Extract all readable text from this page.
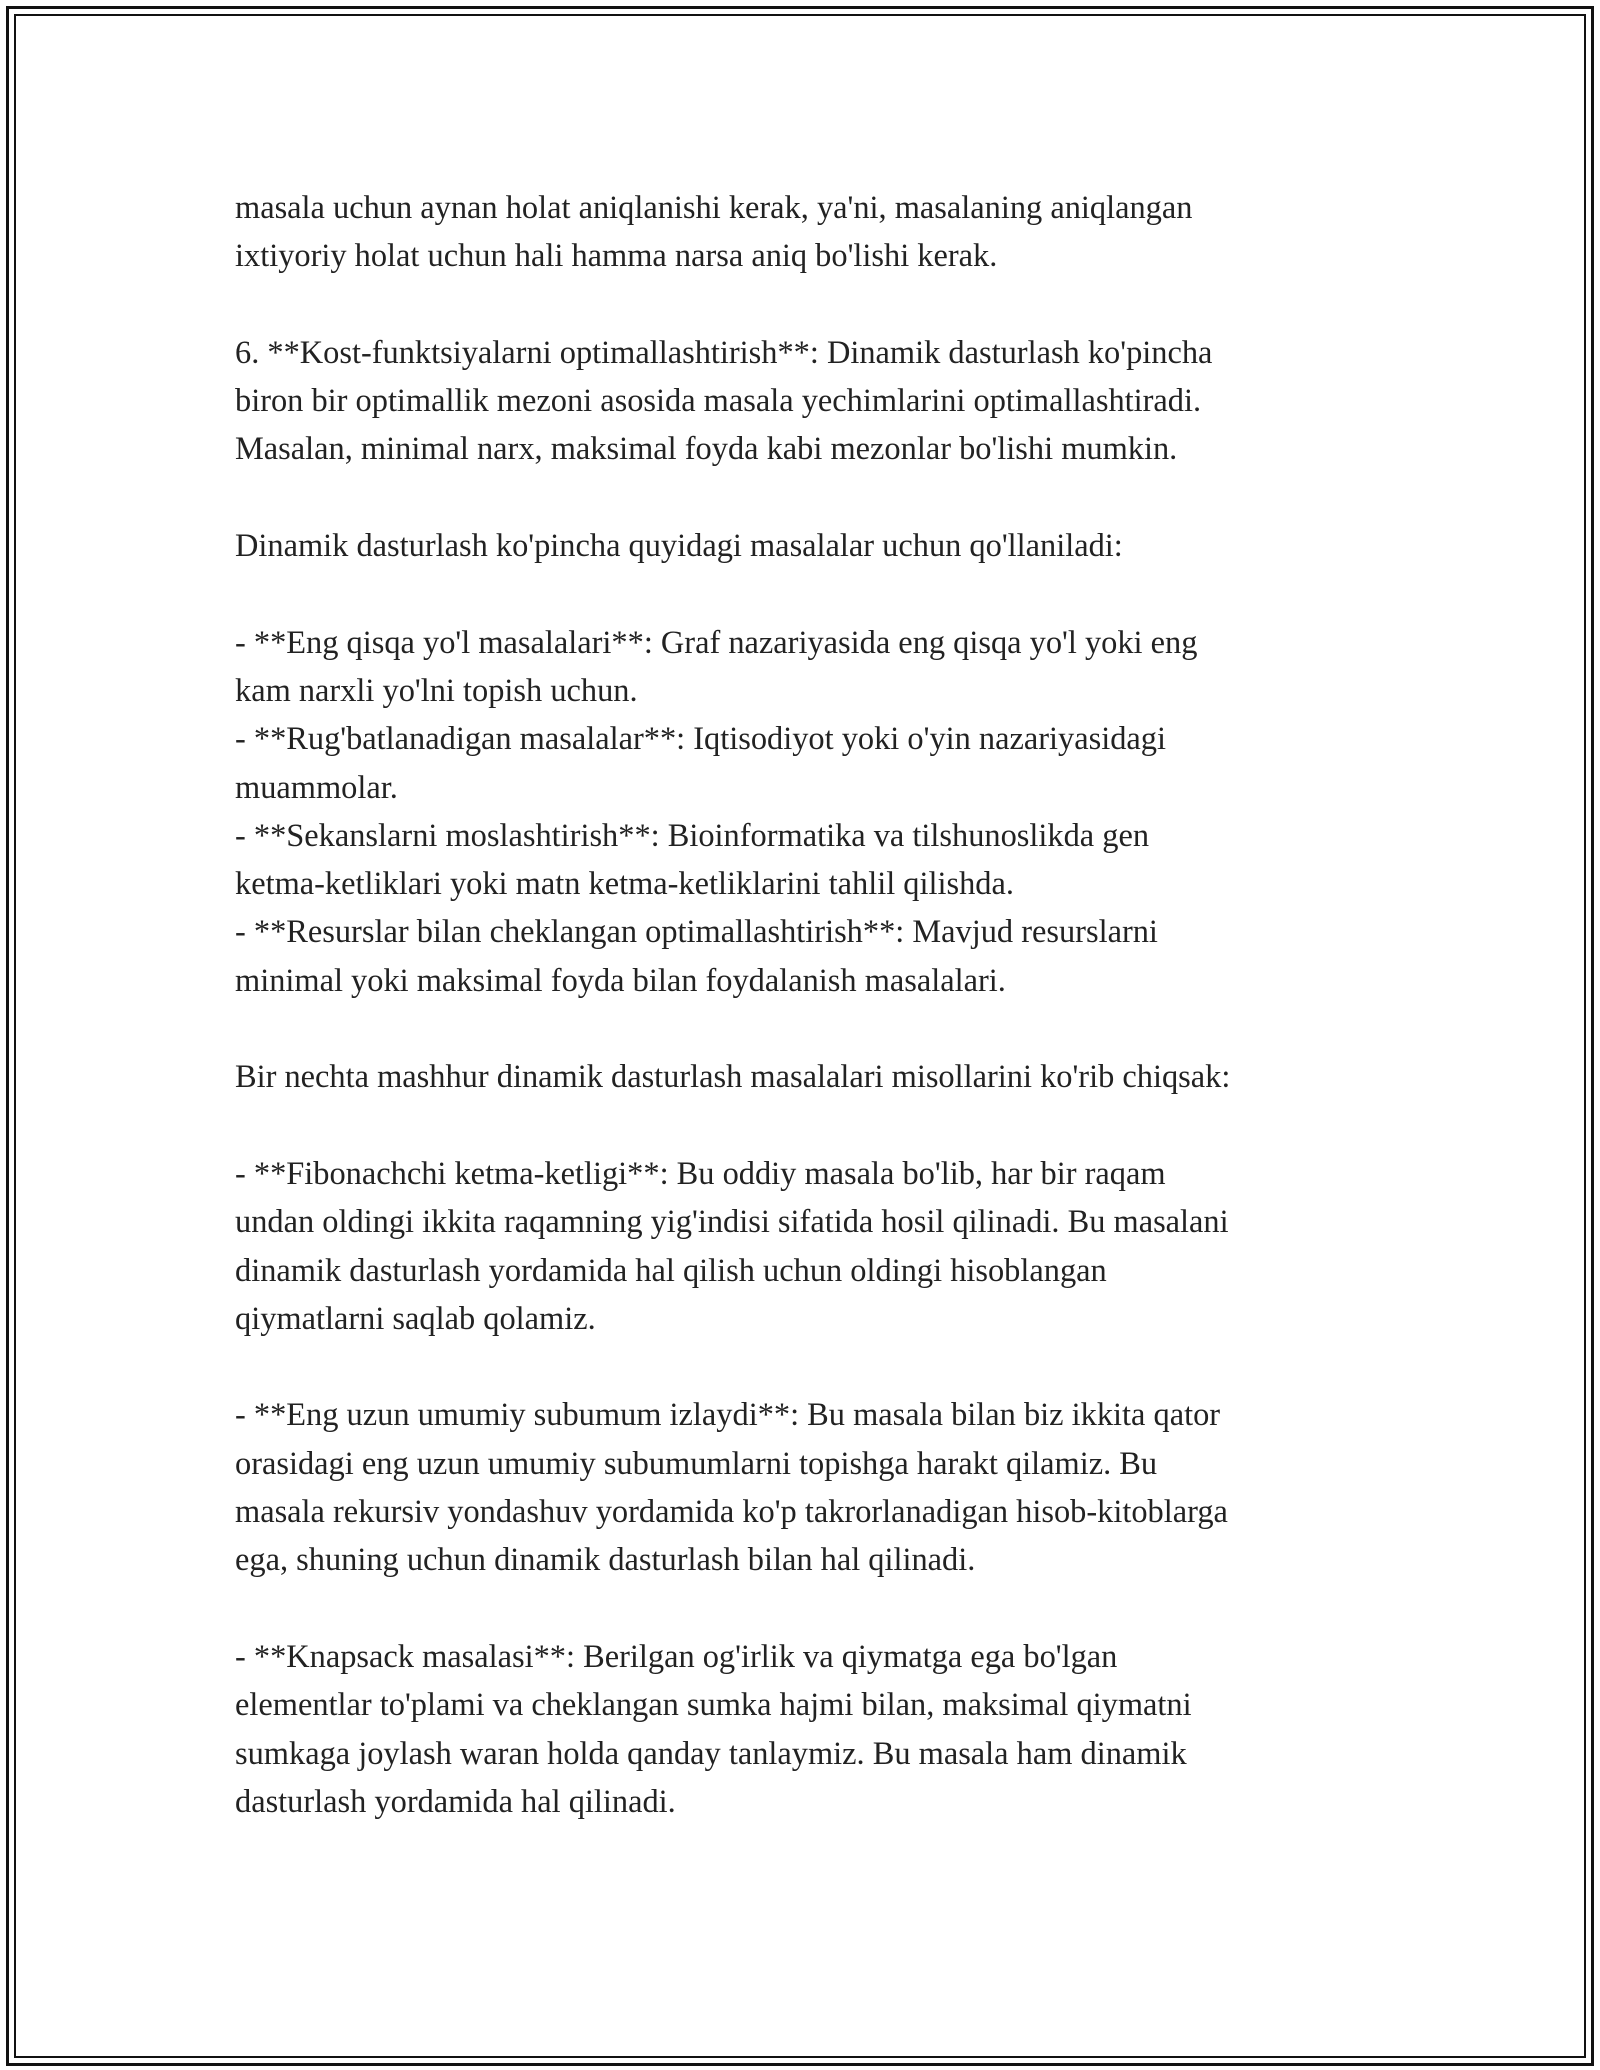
masala uchun aynan holat aniqlanishi kerak, ya'ni, masalaning aniqlangan

ixtiyoriy holat uchun hali hamma narsa aniq bo'lishi kerak.

6. **Kost-funktsiyalarni optimallashtirish**: Dinamik dasturlash ko'pincha

biron bir optimallik mezoni asosida masala yechimlarini optimallashtiradi.

Masalan, minimal narx, maksimal foyda kabi mezonlar bo'lishi mumkin.

Dinamik dasturlash ko'pincha quyidagi masalalar uchun qo'llaniladi:

- **Eng qisqa yo'l masalalari**: Graf nazariyasida eng qisqa yo'l yoki eng

kam narxli yo'lni topish uchun.

- **Rug'batlanadigan masalalar**: Iqtisodiyot yoki o'yin nazariyasidagi

muammolar.

- **Sekanslarni moslashtirish**: Bioinformatika va tilshunoslikda gen

ketma-ketliklari yoki matn ketma-ketliklarini tahlil qilishda.

- **Resurslar bilan cheklangan optimallashtirish**: Mavjud resurslarni

minimal yoki maksimal foyda bilan foydalanish masalalari.

Bir nechta mashhur dinamik dasturlash masalalari misollarini ko'rib chiqsak:

- **Fibonachchi ketma-ketligi**: Bu oddiy masala bo'lib, har bir raqam

undan oldingi ikkita raqamning yig'indisi sifatida hosil qilinadi. Bu masalani

dinamik dasturlash yordamida hal qilish uchun oldingi hisoblangan

qiymatlarni saqlab qolamiz.

- **Eng uzun umumiy subumum izlaydi**: Bu masala bilan biz ikkita qator

orasidagi eng uzun umumiy subumumlarni topishga harakt qilamiz. Bu

masala rekursiv yondashuv yordamida ko'p takrorlanadigan hisob-kitoblarga

ega, shuning uchun dinamik dasturlash bilan hal qilinadi.

- **Knapsack masalasi**: Berilgan og'irlik va qiymatga ega bo'lgan

elementlar to'plami va cheklangan sumka hajmi bilan, maksimal qiymatni

sumkaga joylash waran holda qanday tanlaymiz. Bu masala ham dinamik

dasturlash yordamida hal qilinadi.
